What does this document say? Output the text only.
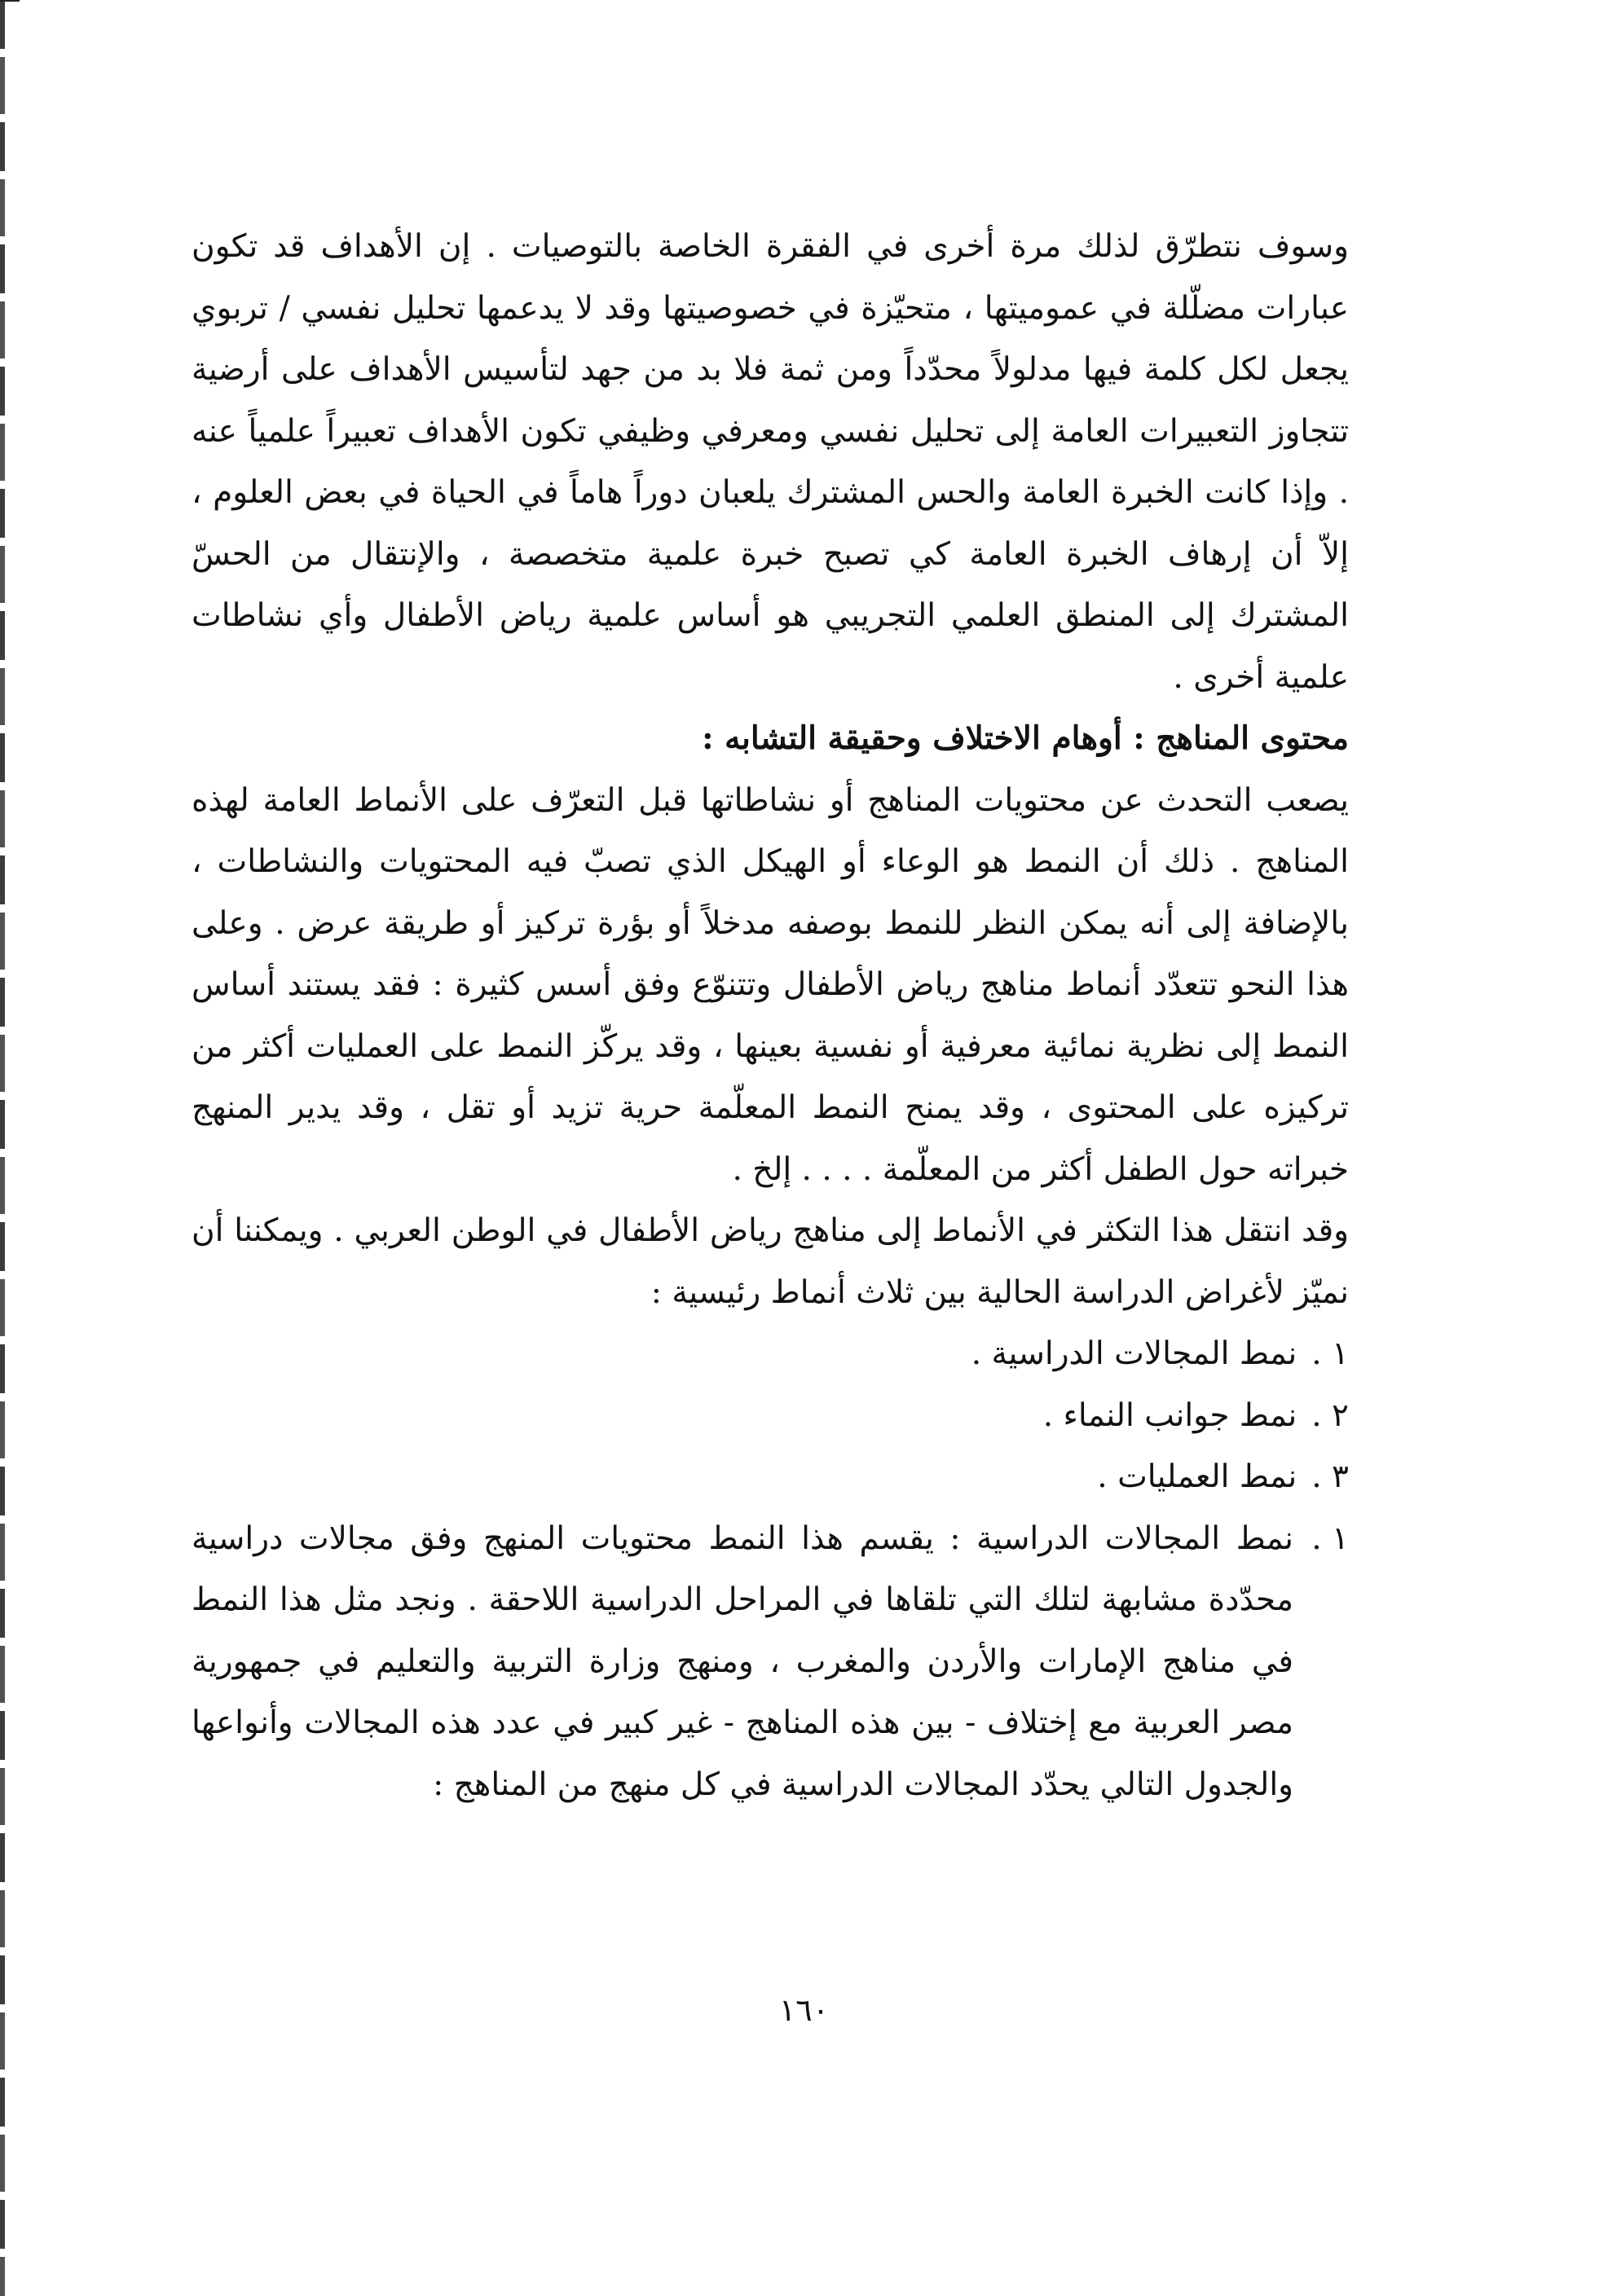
وسوف نتطرّق لذلك مرة أخرى في الفقرة الخاصة بالتوصيات . إن الأهداف قد تكون عبارات مضلّلة في عموميتها ، متحيّزة في خصوصيتها وقد لا يدعمها تحليل نفسي / تربوي يجعل لكل كلمة فيها مدلولاً محدّداً ومن ثمة فلا بد من جهد لتأسيس الأهداف على أرضية تتجاوز التعبيرات العامة إلى تحليل نفسي ومعرفي وظيفي تكون الأهداف تعبيراً علمياً عنه . وإذا كانت الخبرة العامة والحس المشترك يلعبان دوراً هاماً في الحياة في بعض العلوم ، إلاّ أن إرهاف الخبرة العامة كي تصبح خبرة علمية متخصصة ، والإنتقال من الحسّ المشترك إلى المنطق العلمي التجريبي هو أساس علمية رياض الأطفال وأي نشاطات علمية أخرى .

محتوى المناهج : أوهام الاختلاف وحقيقة التشابه :

يصعب التحدث عن محتويات المناهج أو نشاطاتها قبل التعرّف على الأنماط العامة لهذه المناهج . ذلك أن النمط هو الوعاء أو الهيكل الذي تصبّ فيه المحتويات والنشاطات ، بالإضافة إلى أنه يمكن النظر للنمط بوصفه مدخلاً أو بؤرة تركيز أو طريقة عرض . وعلى هذا النحو تتعدّد أنماط مناهج رياض الأطفال وتتنوّع وفق أسس كثيرة : فقد يستند أساس النمط إلى نظرية نمائية معرفية أو نفسية بعينها ، وقد يركّز النمط على العمليات أكثر من تركيزه على المحتوى ، وقد يمنح النمط المعلّمة حرية تزيد أو تقل ، وقد يدير المنهج خبراته حول الطفل أكثر من المعلّمة . . . . إلخ .

وقد انتقل هذا التكثر في الأنماط إلى مناهج رياض الأطفال في الوطن العربي . ويمكننا أن نميّز لأغراض الدراسة الحالية بين ثلاث أنماط رئيسية :

١ .نمط المجالات الدراسية .

٢ .نمط جوانب النماء .

٣ .نمط العمليات .

١ .نمط المجالات الدراسية : يقسم هذا النمط محتويات المنهج وفق مجالات دراسية محدّدة مشابهة لتلك التي تلقاها في المراحل الدراسية اللاحقة . ونجد مثل هذا النمط في مناهج الإمارات والأردن والمغرب ، ومنهج وزارة التربية والتعليم في جمهورية مصر العربية مع إختلاف - بين هذه المناهج - غير كبير في عدد هذه المجالات وأنواعها والجدول التالي يحدّد المجالات الدراسية في كل منهج من المناهج :

١٦٠
